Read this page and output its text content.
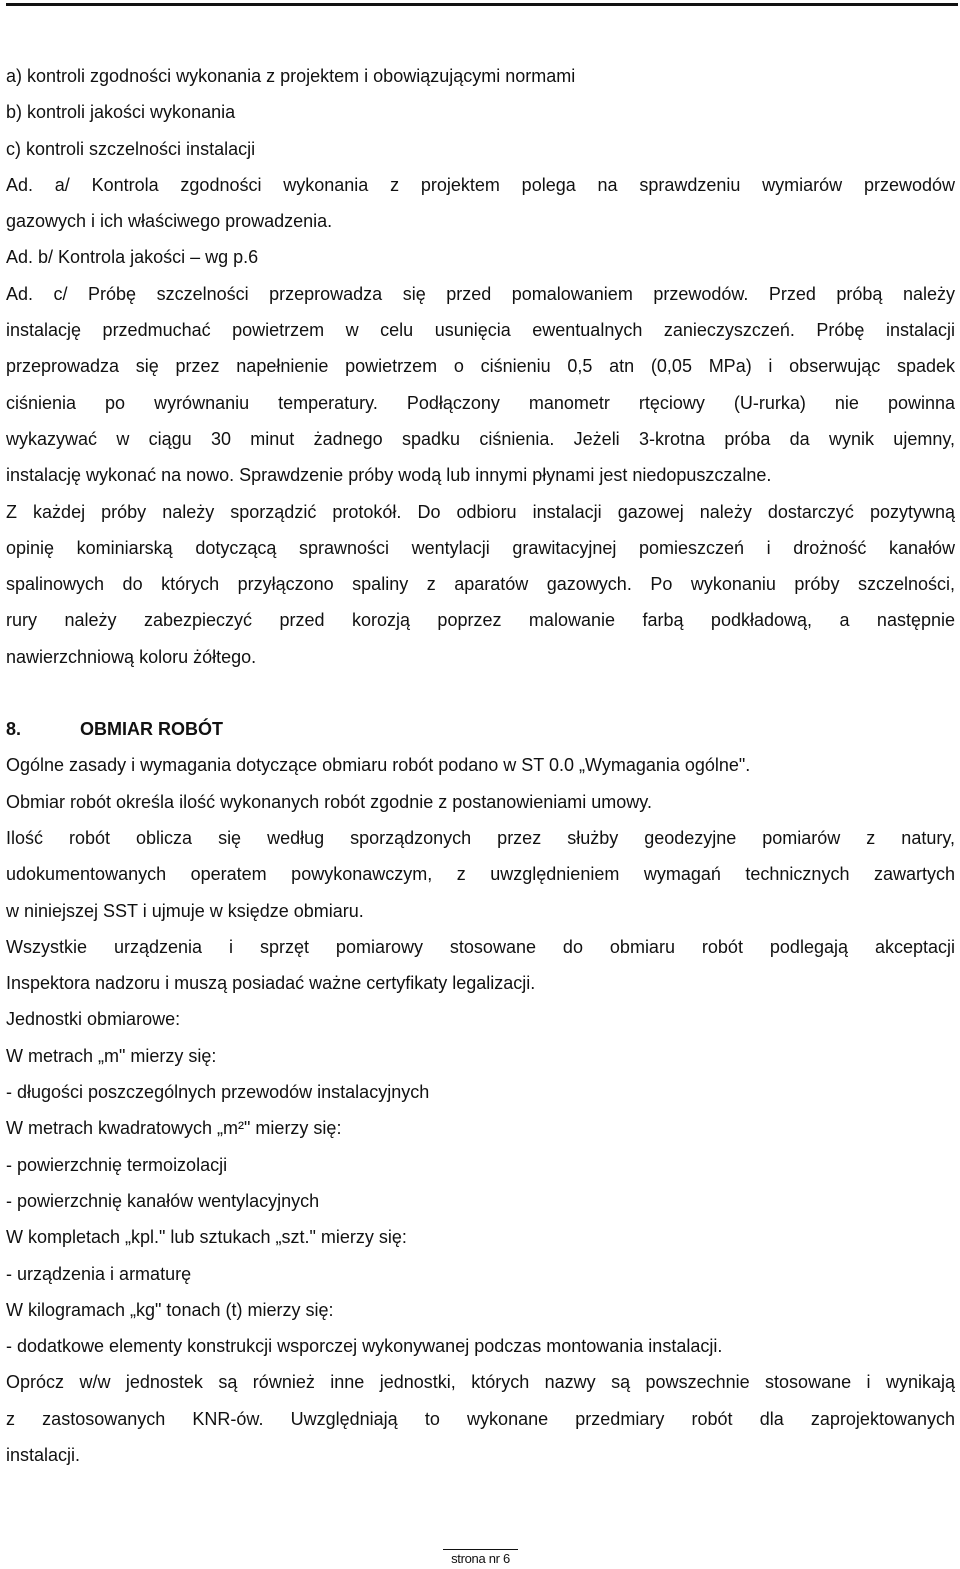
a) kontroli zgodności wykonania z projektem i obowiązującymi normami
b) kontroli jakości wykonania
c) kontroli szczelności instalacji
Ad. a/ Kontrola zgodności wykonania z projektem polega na sprawdzeniu wymiarów przewodów
gazowych i ich właściwego prowadzenia.
Ad. b/ Kontrola jakości – wg p.6
Ad. c/ Próbę szczelności przeprowadza się przed pomalowaniem przewodów. Przed próbą należy
instalację przedmuchać powietrzem w celu usunięcia ewentualnych zanieczyszczeń. Próbę instalacji
przeprowadza się przez napełnienie powietrzem o ciśnieniu 0,5 atn (0,05 MPa) i obserwując spadek
ciśnienia po wyrównaniu temperatury. Podłączony manometr rtęciowy (U-rurka) nie powinna
wykazywać w ciągu 30 minut żadnego spadku ciśnienia. Jeżeli 3-krotna próba da wynik ujemny,
instalację wykonać na nowo. Sprawdzenie próby wodą lub innymi płynami jest niedopuszczalne.
Z każdej próby należy sporządzić protokół. Do odbioru instalacji gazowej należy dostarczyć pozytywną
opinię kominiarską dotyczącą sprawności wentylacji grawitacyjnej pomieszczeń i drożność kanałów
spalinowych do których przyłączono spaliny z aparatów gazowych. Po wykonaniu próby szczelności,
rury należy zabezpieczyć przed korozją poprzez malowanie farbą podkładową, a następnie
nawierzchniową koloru żółtego.
8.	OBMIAR ROBÓT
Ogólne zasady i wymagania dotyczące obmiaru robót podano w ST 0.0 „Wymagania ogólne".
Obmiar robót określa ilość wykonanych robót zgodnie z postanowieniami umowy.
Ilość robót oblicza się według sporządzonych przez służby geodezyjne pomiarów z natury,
udokumentowanych operatem powykonawczym, z uwzględnieniem wymagań technicznych zawartych
w niniejszej SST i ujmuje w księdze obmiaru.
Wszystkie urządzenia i sprzęt pomiarowy stosowane do obmiaru robót podlegają akceptacji
Inspektora nadzoru i muszą posiadać ważne certyfikaty legalizacji.
Jednostki obmiarowe:
W metrach „m" mierzy się:
- długości poszczególnych przewodów instalacyjnych
W metrach kwadratowych „m²" mierzy się:
- powierzchnię termoizolacji
- powierzchnię kanałów wentylacyjnych
W kompletach „kpl." lub sztukach „szt." mierzy się:
- urządzenia i armaturę
W kilogramach „kg" tonach (t) mierzy się:
- dodatkowe elementy konstrukcji wsporczej wykonywanej podczas montowania instalacji.
Oprócz w/w jednostek są również inne jednostki, których nazwy są powszechnie stosowane i wynikają
z zastosowanych KNR-ów. Uwzględniają to wykonane przedmiary robót dla zaprojektowanych
instalacji.
strona nr 6
